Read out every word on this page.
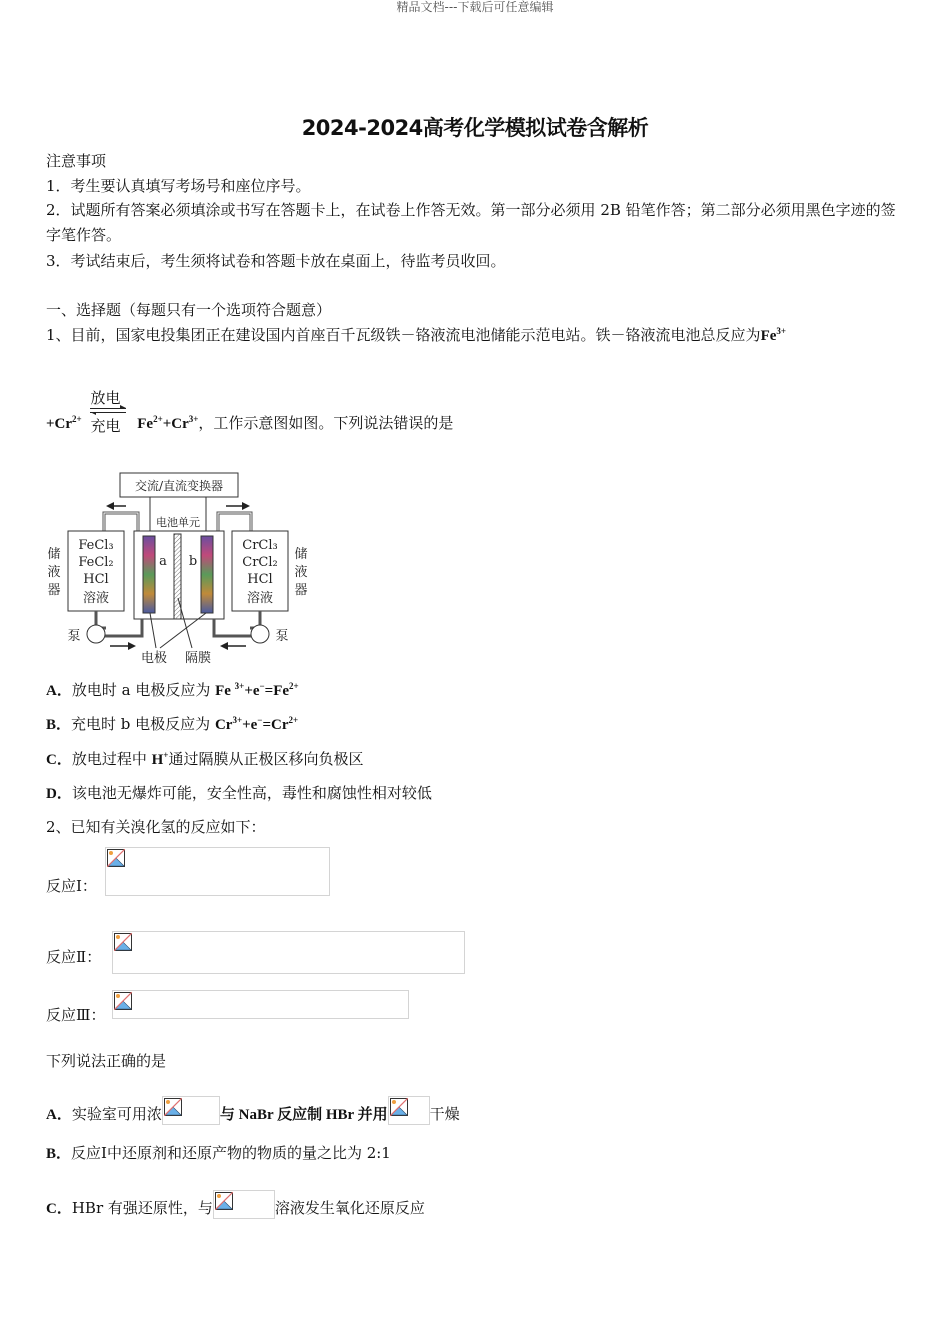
精品文档---下载后可任意编辑
2024-2024高考化学模拟试卷含解析
注意事项
1．考生要认真填写考场号和座位序号。
2．试题所有答案必须填涂或书写在答题卡上，在试卷上作答无效。第一部分必须用 2B 铅笔作答；第二部分必须用黑色字迹的签字笔作答。
3．考试结束后，考生须将试卷和答题卡放在桌面上，待监考员收回。
一、选择题（每题只有一个选项符合题意）
1、目前，国家电投集团正在建设国内首座百千瓦级铁－铬液流电池储能示范电站。铁－铬液流电池总反应为$Fe^{3+}$
$+Cr^{2+}$
放电
充电 $Fe^{2+}+Cr^{3+}$，工作示意图如图。下列说法错误的是
交流/直流变换器
电池单元
FeCl₃
FeCl₂
HCl
溶液
CrCl₃
CrCl₂
HCl
溶液
储
液
器
储
液
器
a b
泵	泵
电极 隔膜
A．放电时 a 电极反应为 Fe $^{3+}+e^-=Fe^{2+}$
B．充电时 b 电极反应为 $Cr^{3+}+e^-=Cr^{2+}$
C．放电过程中 H+通过隔膜从正极区移向负极区
D．该电池无爆炸可能，安全性高，毒性和腐蚀性相对较低
2、已知有关溴化氢的反应如下：
反应Ⅰ：
反应Ⅱ：
反应Ⅲ：
下列说法正确的是
A．实验室可用浓	与 NaBr 反应制 HBr 并用	干燥
B．反应Ⅰ中还原剂和还原产物的物质的量之比为 2:1
C．HBr 有强还原性，与	溶液发生氧化还原反应
